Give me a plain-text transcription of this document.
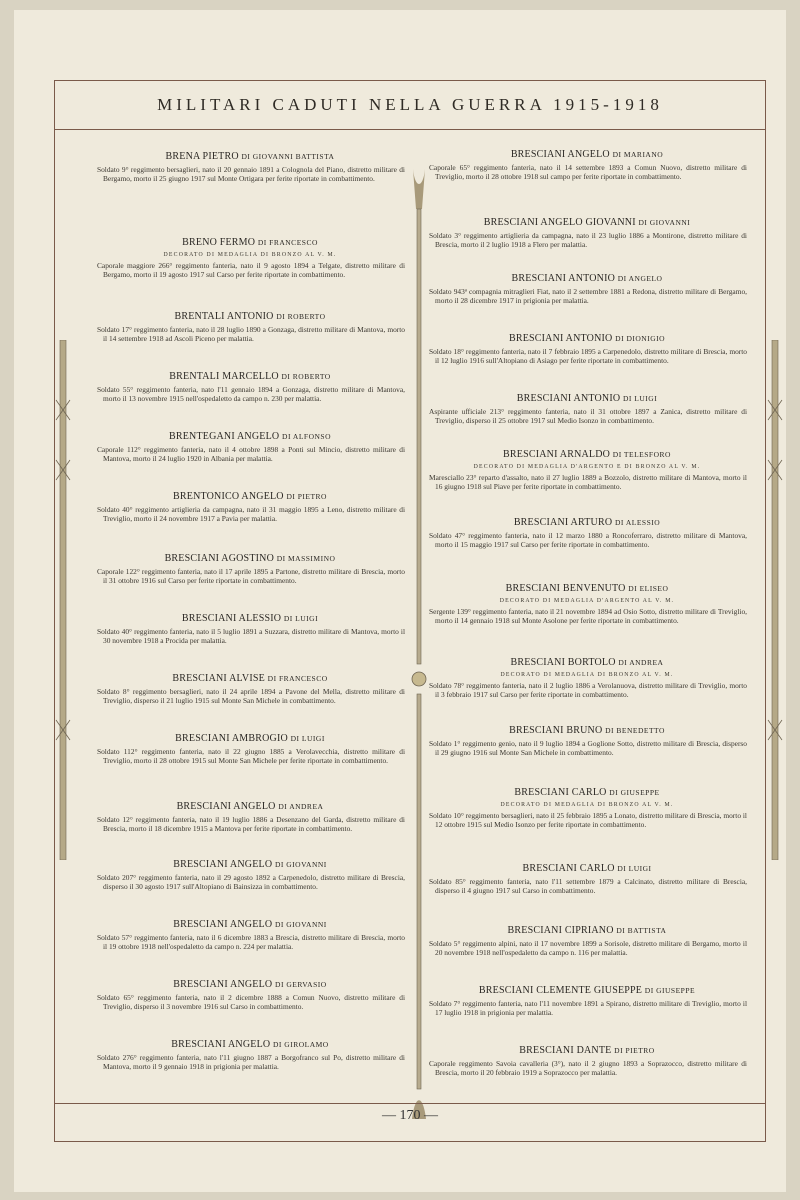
MILITARI CADUTI NELLA GUERRA 1915-1918
BRENA PIETRO DI GIOVANNI BATTISTA
Soldato 9° reggimento bersaglieri, nato il 20 gennaio 1891 a Colognola del Piano, distretto militare di Bergamo, morto il 25 giugno 1917 sul Monte Ortigara per ferite riportate in combattimento.
BRENO FERMO DI FRANCESCO
DECORATO DI MEDAGLIA DI BRONZO AL V. M.
Caporale maggiore 266° reggimento fanteria, nato il 9 agosto 1894 a Telgate, distretto militare di Bergamo, morto il 19 agosto 1917 sul Carso per ferite riportate in combattimento.
BRENTALI ANTONIO DI ROBERTO
Soldato 17° reggimento fanteria, nato il 28 luglio 1890 a Gonzaga, distretto militare di Mantova, morto il 14 settembre 1918 ad Ascoli Piceno per malattia.
BRENTALI MARCELLO DI ROBERTO
Soldato 55° reggimento fanteria, nato l'11 gennaio 1894 a Gonzaga, distretto militare di Mantova, morto il 13 novembre 1915 nell'ospedaletto da campo n. 230 per malattia.
BRENTEGANI ANGELO DI ALFONSO
Caporale 112° reggimento fanteria, nato il 4 ottobre 1898 a Ponti sul Mincio, distretto militare di Mantova, morto il 24 luglio 1920 in Albania per malattia.
BRENTONICO ANGELO DI PIETRO
Soldato 40° reggimento artiglieria da campagna, nato il 31 maggio 1895 a Leno, distretto militare di Treviglio, morto il 24 novembre 1917 a Pavia per malattia.
BRESCIANI AGOSTINO DI MASSIMINO
Caporale 122° reggimento fanteria, nato il 17 aprile 1895 a Partone, distretto militare di Brescia, morto il 31 ottobre 1916 sul Carso per ferite riportate in combattimento.
BRESCIANI ALESSIO DI LUIGI
Soldato 40° reggimento fanteria, nato il 5 luglio 1891 a Suzzara, distretto militare di Mantova, morto il 30 novembre 1918 a Procida per malattia.
BRESCIANI ALVISE DI FRANCESCO
Soldato 8° reggimento bersaglieri, nato il 24 aprile 1894 a Pavone del Mella, distretto militare di Treviglio, disperso il 21 luglio 1915 sul Monte San Michele in combattimento.
BRESCIANI AMBROGIO DI LUIGI
Soldato 112° reggimento fanteria, nato il 22 giugno 1885 a Verolavecchia, distretto militare di Treviglio, morto il 28 ottobre 1915 sul Monte San Michele per ferite riportate in combattimento.
BRESCIANI ANGELO DI ANDREA
Soldato 12° reggimento fanteria, nato il 19 luglio 1886 a Desenzano del Garda, distretto militare di Brescia, morto il 18 dicembre 1915 a Mantova per ferite riportate in combattimento.
BRESCIANI ANGELO DI GIOVANNI
Soldato 207° reggimento fanteria, nato il 29 agosto 1892 a Carpenedolo, distretto militare di Brescia, disperso il 30 agosto 1917 sull'Altopiano di Bainsizza in combattimento.
BRESCIANI ANGELO DI GIOVANNI
Soldato 57° reggimento fanteria, nato il 6 dicembre 1883 a Brescia, distretto militare di Brescia, morto il 19 ottobre 1918 nell'ospedaletto da campo n. 224 per malattia.
BRESCIANI ANGELO DI GERVASIO
Soldato 65° reggimento fanteria, nato il 2 dicembre 1888 a Comun Nuovo, distretto militare di Treviglio, disperso il 3 novembre 1916 sul Carso in combattimento.
BRESCIANI ANGELO DI GIROLAMO
Soldato 276° reggimento fanteria, nato l'11 giugno 1887 a Borgofranco sul Po, distretto militare di Mantova, morto il 9 gennaio 1918 in prigionia per malattia.
BRESCIANI ANGELO DI MARIANO
Caporale 65° reggimento fanteria, nato il 14 settembre 1893 a Comun Nuovo, distretto militare di Treviglio, morto il 28 ottobre 1918 sul campo per ferite riportate in combattimento.
BRESCIANI ANGELO GIOVANNI DI GIOVANNI
Soldato 3° reggimento artiglieria da campagna, nato il 23 luglio 1886 a Montirone, distretto militare di Brescia, morto il 2 luglio 1918 a Flero per malattia.
BRESCIANI ANTONIO DI ANGELO
Soldato 943ª compagnia mitraglieri Fiat, nato il 2 settembre 1881 a Redona, distretto militare di Bergamo, morto il 28 dicembre 1917 in prigionia per malattia.
BRESCIANI ANTONIO DI DIONIGIO
Soldato 18° reggimento fanteria, nato il 7 febbraio 1895 a Carpenedolo, distretto militare di Brescia, morto il 12 luglio 1916 sull'Altopiano di Asiago per ferite riportate in combattimento.
BRESCIANI ANTONIO DI LUIGI
Aspirante ufficiale 213° reggimento fanteria, nato il 31 ottobre 1897 a Zanica, distretto militare di Treviglio, disperso il 25 ottobre 1917 sul Medio Isonzo in combattimento.
BRESCIANI ARNALDO DI TELESFORO
DECORATO DI MEDAGLIA D'ARGENTO E DI BRONZO AL V. M.
Maresciallo 23° reparto d'assalto, nato il 27 luglio 1889 a Bozzolo, distretto militare di Mantova, morto il 16 giugno 1918 sul Piave per ferite riportate in combattimento.
BRESCIANI ARTURO DI ALESSIO
Soldato 47° reggimento fanteria, nato il 12 marzo 1880 a Roncoferraro, distretto militare di Mantova, morto il 15 maggio 1917 sul Carso per ferite riportate in combattimento.
BRESCIANI BENVENUTO DI ELISEO
DECORATO DI MEDAGLIA D'ARGENTO AL V. M.
Sergente 139° reggimento fanteria, nato il 21 novembre 1894 ad Osio Sotto, distretto militare di Treviglio, morto il 14 gennaio 1918 sul Monte Asolone per ferite riportate in combattimento.
BRESCIANI BORTOLO DI ANDREA
DECORATO DI MEDAGLIA DI BRONZO AL V. M.
Soldato 78° reggimento fanteria, nato il 2 luglio 1886 a Verolanuova, distretto militare di Treviglio, morto il 3 febbraio 1917 sul Carso per ferite riportate in combattimento.
BRESCIANI BRUNO DI BENEDETTO
Soldato 1° reggimento genio, nato il 9 luglio 1894 a Goglione Sotto, distretto militare di Brescia, disperso il 29 giugno 1916 sul Monte San Michele in combattimento.
BRESCIANI CARLO DI GIUSEPPE
DECORATO DI MEDAGLIA DI BRONZO AL V. M.
Soldato 10° reggimento bersaglieri, nato il 25 febbraio 1895 a Lonato, distretto militare di Brescia, morto il 12 ottobre 1915 sul Medio Isonzo per ferite riportate in combattimento.
BRESCIANI CARLO DI LUIGI
Soldato 85° reggimento fanteria, nato l'11 settembre 1879 a Calcinato, distretto militare di Brescia, disperso il 4 giugno 1917 sul Carso in combattimento.
BRESCIANI CIPRIANO DI BATTISTA
Soldato 5° reggimento alpini, nato il 17 novembre 1899 a Sorisole, distretto militare di Bergamo, morto il 20 novembre 1918 nell'ospedaletto da campo n. 116 per malattia.
BRESCIANI CLEMENTE GIUSEPPE DI GIUSEPPE
Soldato 7° reggimento fanteria, nato l'11 novembre 1891 a Spirano, distretto militare di Treviglio, morto il 17 luglio 1918 in prigionia per malattia.
BRESCIANI DANTE DI PIETRO
Caporale reggimento Savoia cavalleria (3°), nato il 2 giugno 1893 a Soprazocco, distretto militare di Brescia, morto il 20 febbraio 1919 a Soprazocco per malattia.
— 170 —
